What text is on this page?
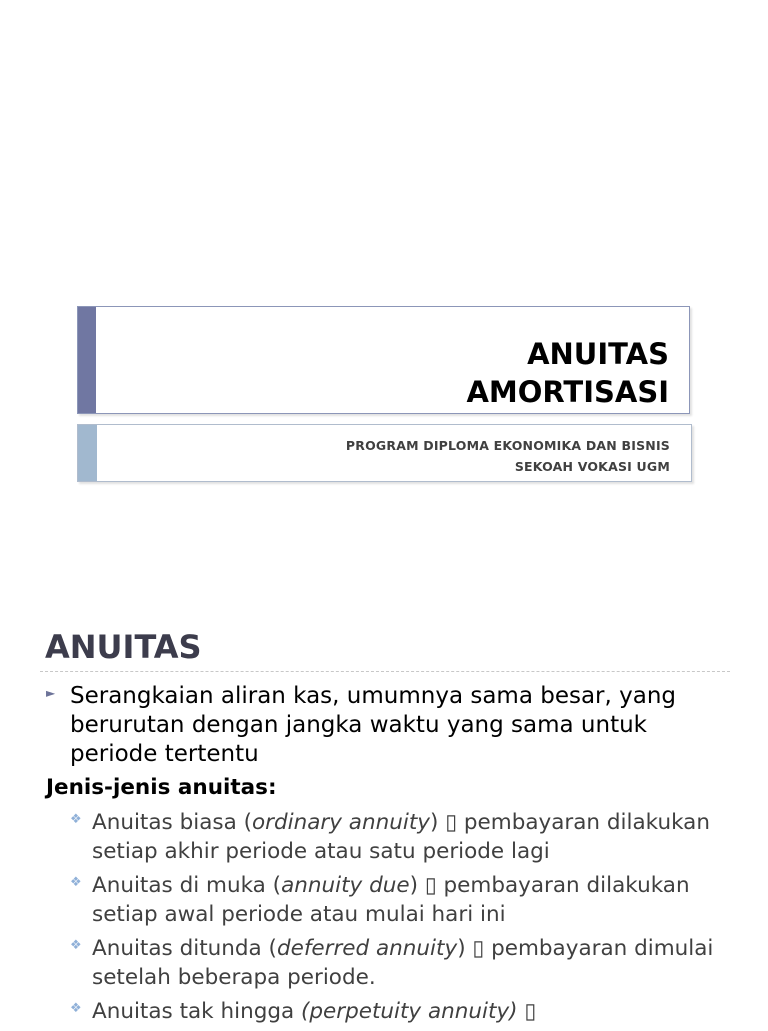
ANUITAS
AMORTISASI
PROGRAM DIPLOMA EKONOMIKA DAN BISNIS
SEKOAH VOKASI UGM
ANUITAS
► Serangkaian aliran kas, umumnya sama besar, yang berurutan dengan jangka waktu yang sama untuk periode tertentu

Jenis-jenis anuitas:

❖ Anuitas biasa (ordinary annuity) ▯ pembayaran dilakukan setiap akhir periode atau satu periode lagi
❖ Anuitas di muka (annuity due) ▯ pembayaran dilakukan setiap awal periode atau mulai hari ini
❖ Anuitas ditunda (deferred annuity) ▯ pembayaran dimulai setelah beberapa periode.
❖ Anuitas tak hingga (perpetuity annuity) ▯
